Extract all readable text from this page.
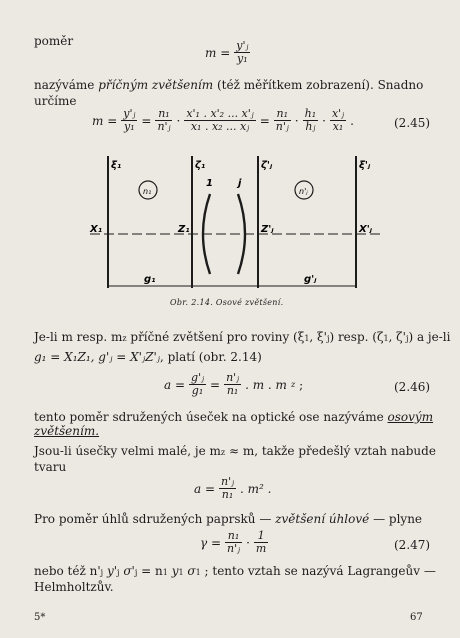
poměr
$m = \frac{\text{y'ⱼ}}{\text{y₁}}$
nazýváme příčným zvětšením (též měřítkem zobrazení). Snadno
určíme
$m = \frac{\text{y'ⱼ}}{\text{y₁}} = \frac{\text{n₁}}{\text{n'ⱼ}} \cdot \frac{\text{x'₁ . x'₂ ... x'ⱼ}}{\text{x₁ . x₂ ... xⱼ}} = \frac{\text{n₁}}{\text{n'ⱼ}} \cdot \frac{\text{h₁}}{\text{hⱼ}} \cdot \frac{\text{x'ⱼ}}{\text{x₁}}$ .	(2.45)
ξ₁	ζ₁	ζ'ⱼ	ξ'ⱼ
n₁	n'ⱼ
1	j
X₁	Z₁	Z'ⱼ	X'ⱼ
g₁	g'ⱼ
Obr. 2.14. Osové zvětšení.
Je-li m resp. mz příčné zvětšení pro roviny (ξ1, ξ'j) resp. (ζ1, ζ'j) a je-li
g₁ = X₁Z₁, g'ⱼ = X'ⱼZ'ⱼ, platí (obr. 2.14)
$a = \frac{\text{g'ⱼ}}{\text{g₁}} = \frac{\text{n'ⱼ}}{\text{n₁}}$ . m . m z ;	(2.46)
tento poměr sdružených úseček na optické ose nazýváme osovým
zvětšením.
Jsou-li úsečky velmi malé, je mz ≈ m, takže předešlý vztah nabude
tvaru
$a = \frac{\text{n'ⱼ}}{\text{n₁}}$ . m² .
Pro poměr úhlů sdružených paprsků — zvětšení úhlové — plyne
$\gamma = \frac{\text{n₁}}{\text{n'ⱼ}} \cdot \frac{1}{m}$	(2.47)
nebo též n'j y'j σ'j = n1 y1 σ1 ; tento vztah se nazývá Lagrangeův —
Helmholtzův.
5*	67
